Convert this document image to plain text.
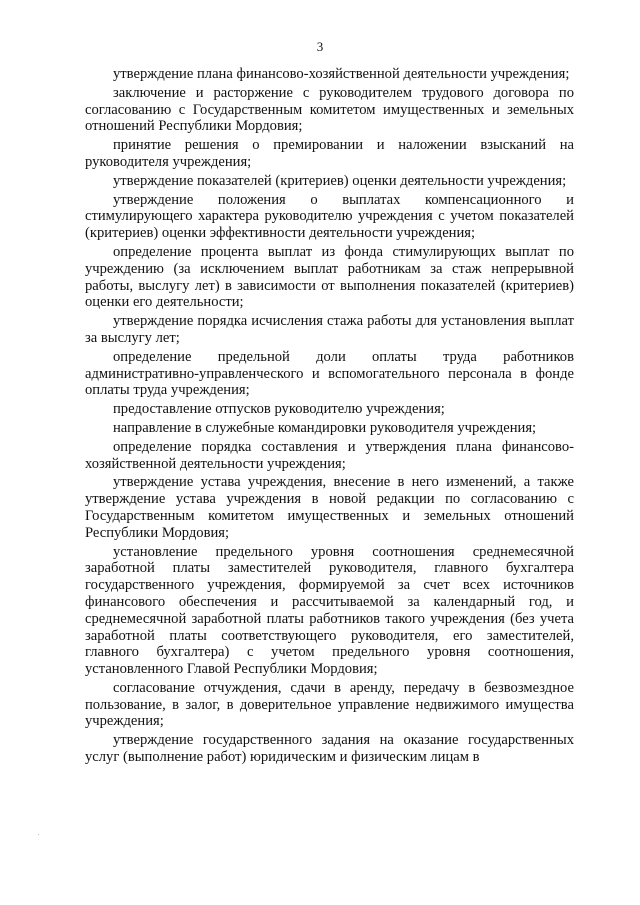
3

утверждение плана финансово-хозяйственной деятельности учреждения;

заключение и расторжение с руководителем трудового договора по согласованию с Государственным комитетом имущественных и земельных отношений Республики Мордовия;

принятие решения о премировании и наложении взысканий на руководителя учреждения;

утверждение показателей (критериев) оценки деятельности учреждения;

утверждение положения о выплатах компенсационного и стимулирующего характера руководителю учреждения с учетом показателей (критериев) оценки эффективности деятельности учреждения;

определение процента выплат из фонда стимулирующих выплат по учреждению (за исключением выплат работникам за стаж непрерывной работы, выслугу лет) в зависимости от выполнения показателей (критериев) оценки его деятельности;

утверждение порядка исчисления стажа работы для установления выплат за выслугу лет;

определение предельной доли оплаты труда работников административно-управленческого и вспомогательного персонала в фонде оплаты труда учреждения;

предоставление отпусков руководителю учреждения;

направление в служебные командировки руководителя учреждения;

определение порядка составления и утверждения плана финансово-хозяйственной деятельности учреждения;

утверждение устава учреждения, внесение в него изменений, а также утверждение устава учреждения в новой редакции по согласованию с Государственным комитетом имущественных и земельных отношений Республики Мордовия;

установление предельного уровня соотношения среднемесячной заработной платы заместителей руководителя, главного бухгалтера государственного учреждения, формируемой за счет всех источников финансового обеспечения и рассчитываемой за календарный год, и среднемесячной заработной платы работников такого учреждения (без учета заработной платы соответствующего руководителя, его заместителей, главного бухгалтера) с учетом предельного уровня соотношения, установленного Главой Республики Мордовия;

согласование отчуждения, сдачи в аренду, передачу в безвозмездное пользование, в залог, в доверительное управление недвижимого имущества учреждения;

утверждение государственного задания на оказание государственных услуг (выполнение работ) юридическим и физическим лицам в
